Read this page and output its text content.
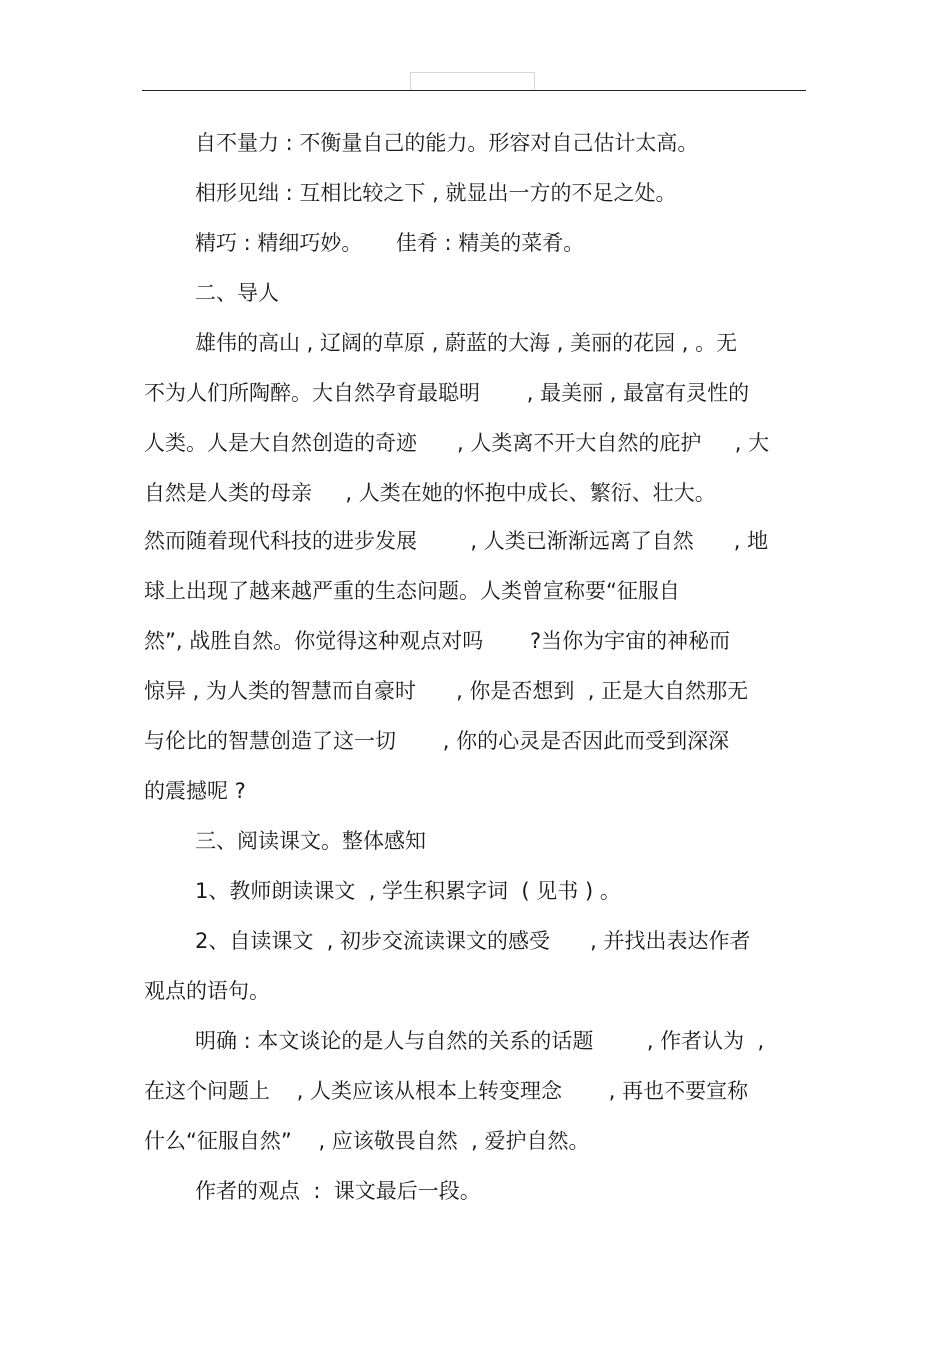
自不量力 : 不衡量自己的能力。形容对自己估计太高。
相形见绌 : 互相比较之下 , 就显出一方的不足之处。
精巧 : 精细巧妙。     佳肴 : 精美的菜肴。
二、导人
雄伟的高山 , 辽阔的草原 , 蔚蓝的大海 , 美丽的花园 , 。无
不为人们所陶醉。大自然孕育最聪明       , 最美丽 , 最富有灵性的
人类。人是大自然创造的奇迹      , 人类离不开大自然的庇护     , 大
自然是人类的母亲     , 人类在她的怀抱中成长、繁衍、壮大。
然而随着现代科技的进步发展        , 人类已渐渐远离了自然      , 地
球上出现了越来越严重的生态问题。人类曾宣称要“征服自
然”, 战胜自然。你觉得这种观点对吗       ?当你为宇宙的神秘而
惊异 , 为人类的智慧而自豪时      , 你是否想到  , 正是大自然那无
与伦比的智慧创造了这一切       , 你的心灵是否因此而受到深深
的震撼呢 ?
三、阅读课文。整体感知
1、教师朗读课文  , 学生积累字词  ( 见书 ) 。
2、自读课文  , 初步交流读课文的感受      , 并找出表达作者
观点的语句。
明确 : 本文谈论的是人与自然的关系的话题        , 作者认为  ,
在这个问题上    , 人类应该从根本上转变理念       , 再也不要宣称
什么“征服自然”    , 应该敬畏自然  , 爱护自然。
作者的观点  :  课文最后一段。
